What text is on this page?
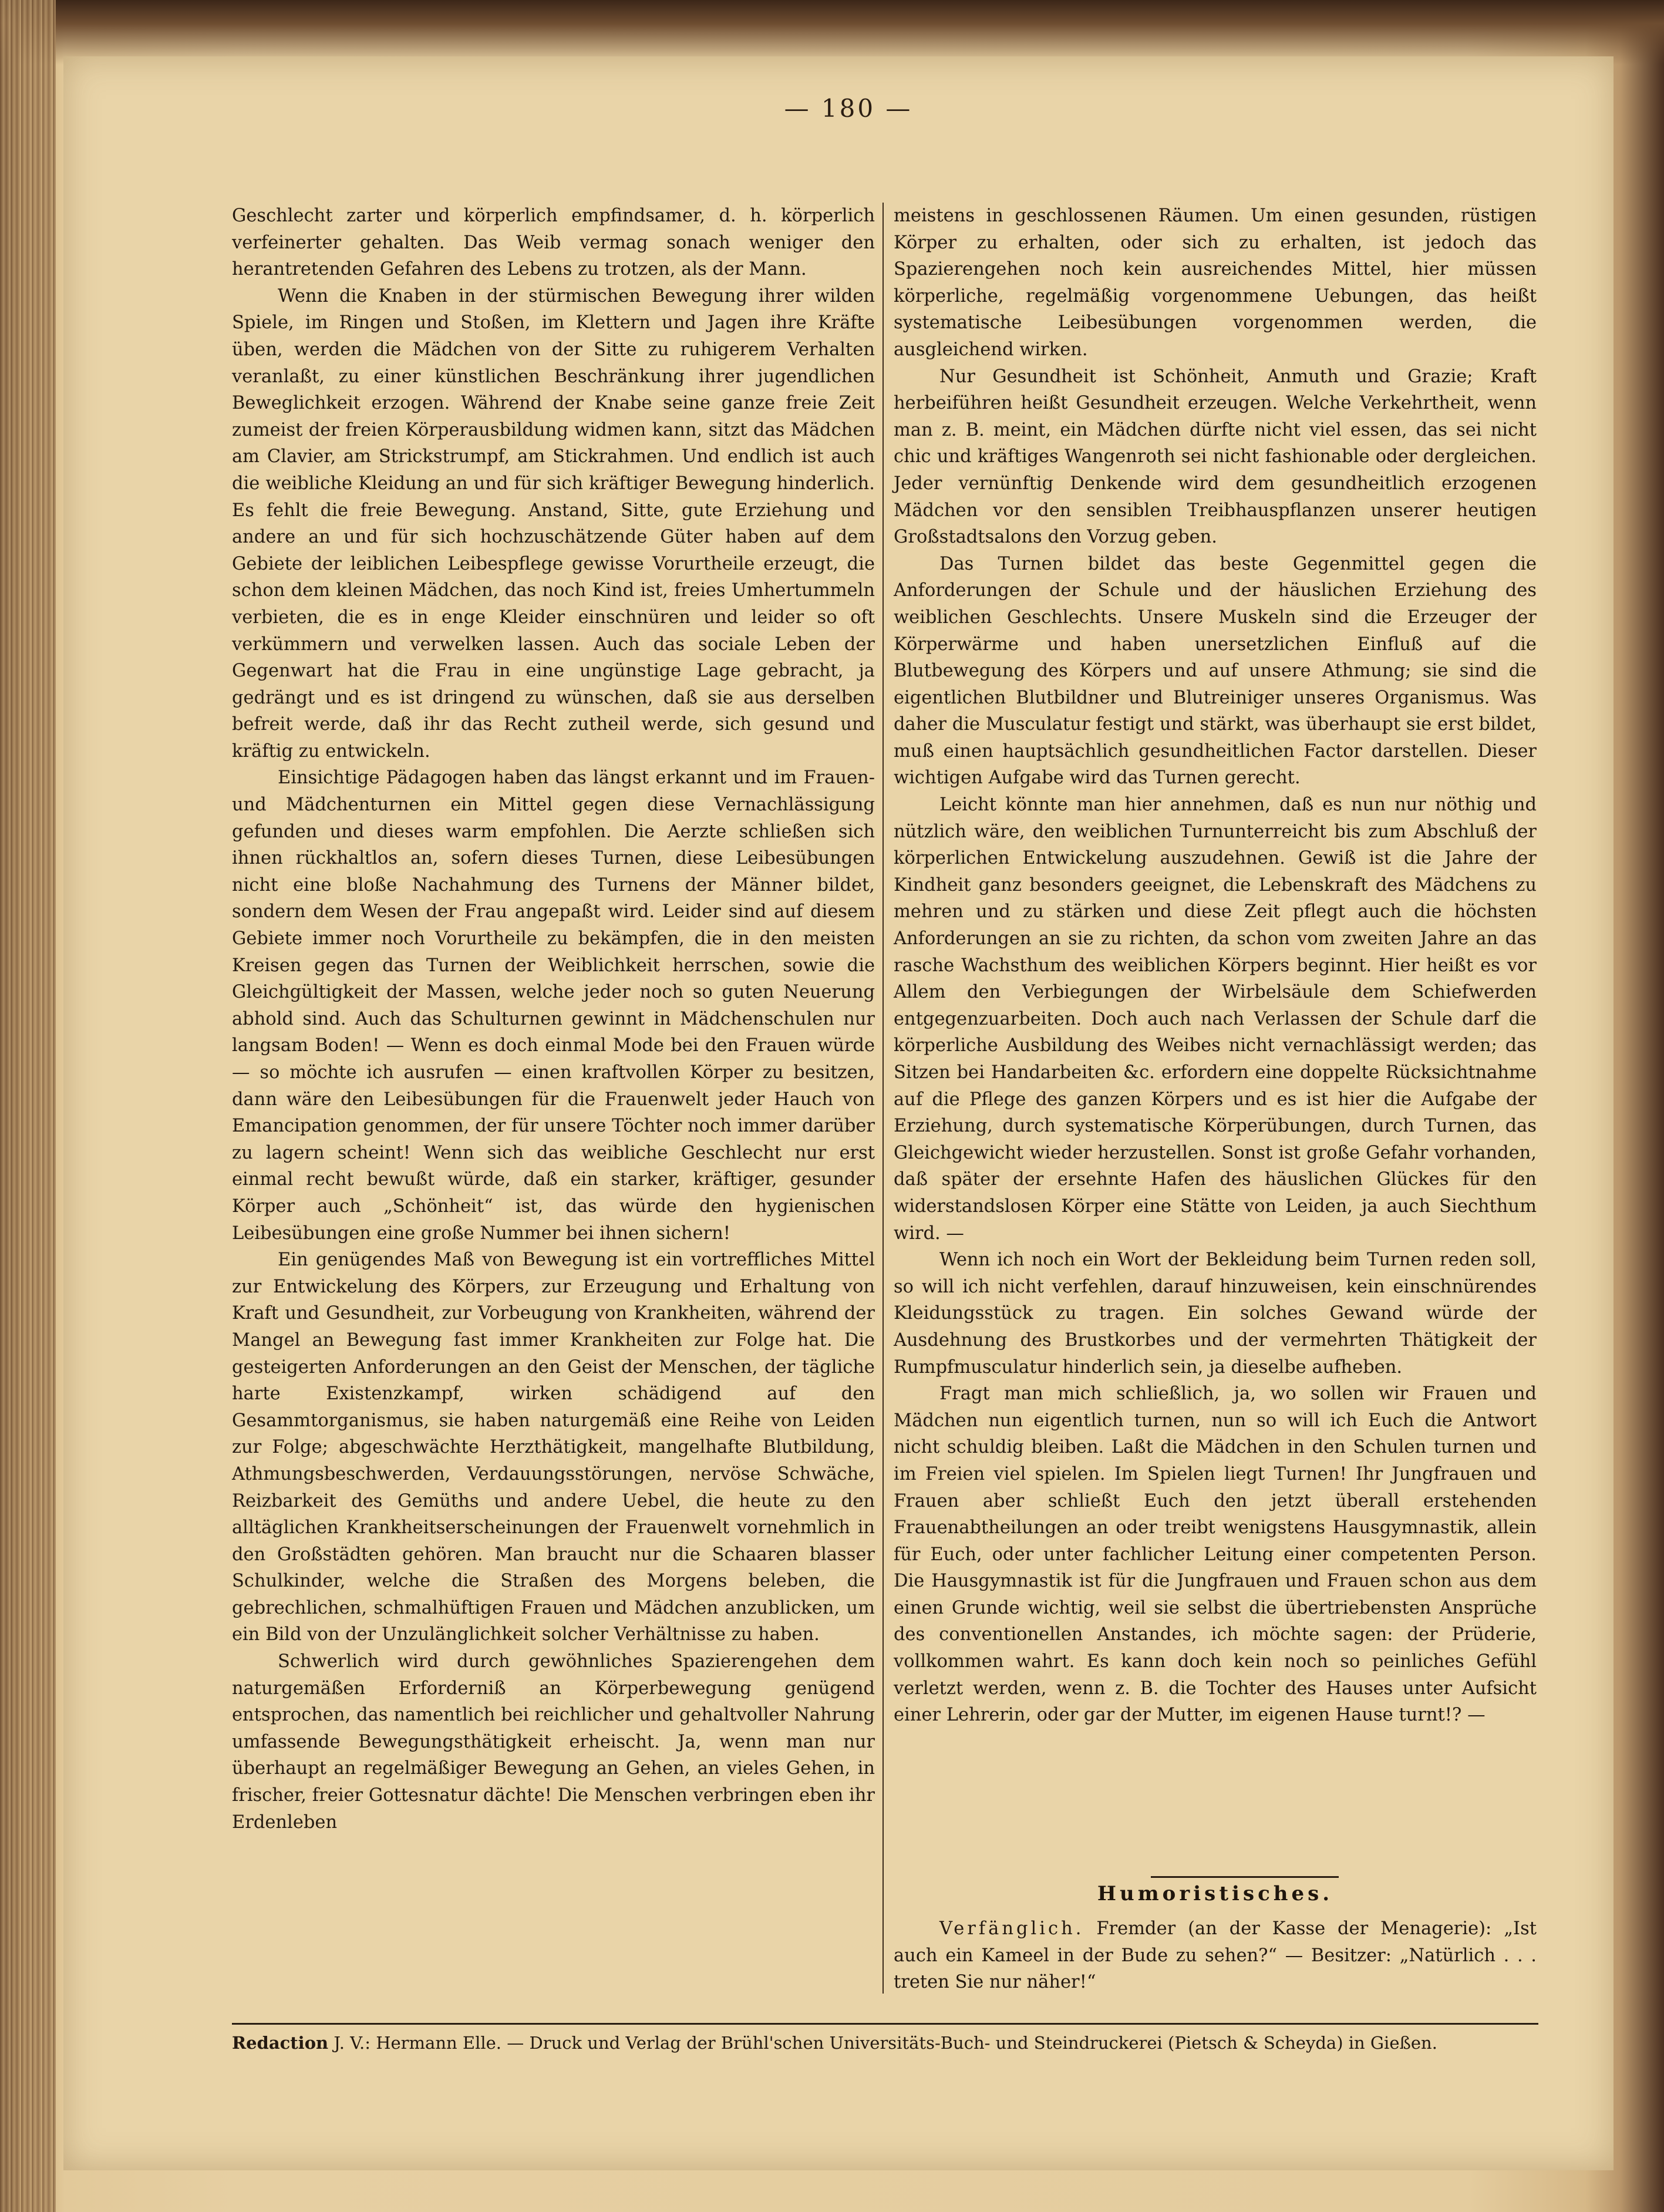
— 180 —

Geschlecht zarter und körperlich empfindsamer, d. h. körperlich verfeinerter gehalten. Das Weib vermag sonach weniger den herantretenden Gefahren des Lebens zu trotzen, als der Mann.

Wenn die Knaben in der stürmischen Bewegung ihrer wilden Spiele, im Ringen und Stoßen, im Klettern und Jagen ihre Kräfte üben, werden die Mädchen von der Sitte zu ruhigerem Verhalten veranlaßt, zu einer künstlichen Beschränkung ihrer jugendlichen Beweglichkeit erzogen. Während der Knabe seine ganze freie Zeit zumeist der freien Körperausbildung widmen kann, sitzt das Mädchen am Clavier, am Strickstrumpf, am Stickrahmen. Und endlich ist auch die weibliche Kleidung an und für sich kräftiger Bewegung hinderlich. Es fehlt die freie Bewegung. Anstand, Sitte, gute Erziehung und andere an und für sich hochzuschätzende Güter haben auf dem Gebiete der leiblichen Leibespflege gewisse Vorurtheile erzeugt, die schon dem kleinen Mädchen, das noch Kind ist, freies Umhertummeln verbieten, die es in enge Kleider einschnüren und leider so oft verkümmern und verwelken lassen. Auch das sociale Leben der Gegenwart hat die Frau in eine ungünstige Lage gebracht, ja gedrängt und es ist dringend zu wünschen, daß sie aus derselben befreit werde, daß ihr das Recht zutheil werde, sich gesund und kräftig zu entwickeln.

Einsichtige Pädagogen haben das längst erkannt und im Frauen- und Mädchenturnen ein Mittel gegen diese Vernachlässigung gefunden und dieses warm empfohlen. Die Aerzte schließen sich ihnen rückhaltlos an, sofern dieses Turnen, diese Leibesübungen nicht eine bloße Nachahmung des Turnens der Männer bildet, sondern dem Wesen der Frau angepaßt wird. Leider sind auf diesem Gebiete immer noch Vorurtheile zu bekämpfen, die in den meisten Kreisen gegen das Turnen der Weiblichkeit herrschen, sowie die Gleichgültigkeit der Massen, welche jeder noch so guten Neuerung abhold sind. Auch das Schulturnen gewinnt in Mädchenschulen nur langsam Boden! — Wenn es doch einmal Mode bei den Frauen würde — so möchte ich ausrufen — einen kraftvollen Körper zu besitzen, dann wäre den Leibesübungen für die Frauenwelt jeder Hauch von Emancipation genommen, der für unsere Töchter noch immer darüber zu lagern scheint! Wenn sich das weibliche Geschlecht nur erst einmal recht bewußt würde, daß ein starker, kräftiger, gesunder Körper auch „Schönheit“ ist, das würde den hygienischen Leibesübungen eine große Nummer bei ihnen sichern!

Ein genügendes Maß von Bewegung ist ein vortreffliches Mittel zur Entwickelung des Körpers, zur Erzeugung und Erhaltung von Kraft und Gesundheit, zur Vorbeugung von Krankheiten, während der Mangel an Bewegung fast immer Krankheiten zur Folge hat. Die gesteigerten Anforderungen an den Geist der Menschen, der tägliche harte Existenzkampf, wirken schädigend auf den Gesammtorganismus, sie haben naturgemäß eine Reihe von Leiden zur Folge; abgeschwächte Herzthätigkeit, mangelhafte Blutbildung, Athmungsbeschwerden, Verdauungsstörungen, nervöse Schwäche, Reizbarkeit des Gemüths und andere Uebel, die heute zu den alltäglichen Krankheitserscheinungen der Frauenwelt vornehmlich in den Großstädten gehören. Man braucht nur die Schaaren blasser Schulkinder, welche die Straßen des Morgens beleben, die gebrechlichen, schmalhüftigen Frauen und Mädchen anzublicken, um ein Bild von der Unzulänglichkeit solcher Verhältnisse zu haben.

Schwerlich wird durch gewöhnliches Spazierengehen dem naturgemäßen Erforderniß an Körperbewegung genügend entsprochen, das namentlich bei reichlicher und gehaltvoller Nahrung umfassende Bewegungsthätigkeit erheischt. Ja, wenn man nur überhaupt an regelmäßiger Bewegung an Gehen, an vieles Gehen, in frischer, freier Gottesnatur dächte! Die Menschen verbringen eben ihr Erdenleben

meistens in geschlossenen Räumen. Um einen gesunden, rüstigen Körper zu erhalten, oder sich zu erhalten, ist jedoch das Spazierengehen noch kein ausreichendes Mittel, hier müssen körperliche, regelmäßig vorgenommene Uebungen, das heißt systematische Leibesübungen vorgenommen werden, die ausgleichend wirken.

Nur Gesundheit ist Schönheit, Anmuth und Grazie; Kraft herbeiführen heißt Gesundheit erzeugen. Welche Verkehrtheit, wenn man z. B. meint, ein Mädchen dürfte nicht viel essen, das sei nicht chic und kräftiges Wangenroth sei nicht fashionable oder dergleichen. Jeder vernünftig Denkende wird dem gesundheitlich erzogenen Mädchen vor den sensiblen Treibhauspflanzen unserer heutigen Großstadtsalons den Vorzug geben.

Das Turnen bildet das beste Gegenmittel gegen die Anforderungen der Schule und der häuslichen Erziehung des weiblichen Geschlechts. Unsere Muskeln sind die Erzeuger der Körperwärme und haben unersetzlichen Einfluß auf die Blutbewegung des Körpers und auf unsere Athmung; sie sind die eigentlichen Blutbildner und Blutreiniger unseres Organismus. Was daher die Musculatur festigt und stärkt, was überhaupt sie erst bildet, muß einen hauptsächlich gesundheitlichen Factor darstellen. Dieser wichtigen Aufgabe wird das Turnen gerecht.

Leicht könnte man hier annehmen, daß es nun nur nöthig und nützlich wäre, den weiblichen Turnunterreicht bis zum Abschluß der körperlichen Entwickelung auszudehnen. Gewiß ist die Jahre der Kindheit ganz besonders geeignet, die Lebenskraft des Mädchens zu mehren und zu stärken und diese Zeit pflegt auch die höchsten Anforderungen an sie zu richten, da schon vom zweiten Jahre an das rasche Wachsthum des weiblichen Körpers beginnt. Hier heißt es vor Allem den Verbiegungen der Wirbelsäule dem Schiefwerden entgegenzuarbeiten. Doch auch nach Verlassen der Schule darf die körperliche Ausbildung des Weibes nicht vernachlässigt werden; das Sitzen bei Handarbeiten &c. erfordern eine doppelte Rücksichtnahme auf die Pflege des ganzen Körpers und es ist hier die Aufgabe der Erziehung, durch systematische Körperübungen, durch Turnen, das Gleichgewicht wieder herzustellen. Sonst ist große Gefahr vorhanden, daß später der ersehnte Hafen des häuslichen Glückes für den widerstandslosen Körper eine Stätte von Leiden, ja auch Siechthum wird. —

Wenn ich noch ein Wort der Bekleidung beim Turnen reden soll, so will ich nicht verfehlen, darauf hinzuweisen, kein einschnürendes Kleidungsstück zu tragen. Ein solches Gewand würde der Ausdehnung des Brustkorbes und der vermehrten Thätigkeit der Rumpfmusculatur hinderlich sein, ja dieselbe aufheben.

Fragt man mich schließlich, ja, wo sollen wir Frauen und Mädchen nun eigentlich turnen, nun so will ich Euch die Antwort nicht schuldig bleiben. Laßt die Mädchen in den Schulen turnen und im Freien viel spielen. Im Spielen liegt Turnen! Ihr Jungfrauen und Frauen aber schließt Euch den jetzt überall erstehenden Frauenabtheilungen an oder treibt wenigstens Hausgymnastik, allein für Euch, oder unter fachlicher Leitung einer competenten Person. Die Hausgymnastik ist für die Jungfrauen und Frauen schon aus dem einen Grunde wichtig, weil sie selbst die übertriebensten Ansprüche des conventionellen Anstandes, ich möchte sagen: der Prüderie, vollkommen wahrt. Es kann doch kein noch so peinliches Gefühl verletzt werden, wenn z. B. die Tochter des Hauses unter Aufsicht einer Lehrerin, oder gar der Mutter, im eigenen Hause turnt!? —

Humoristisches.

Verfänglich. Fremder (an der Kasse der Menagerie): „Ist auch ein Kameel in der Bude zu sehen?“ — Besitzer: „Natürlich . . . treten Sie nur näher!“

Redaction J. V.: Hermann Elle. — Druck und Verlag der Brühl'schen Universitäts-Buch- und Steindruckerei (Pietsch & Scheyda) in Gießen.
